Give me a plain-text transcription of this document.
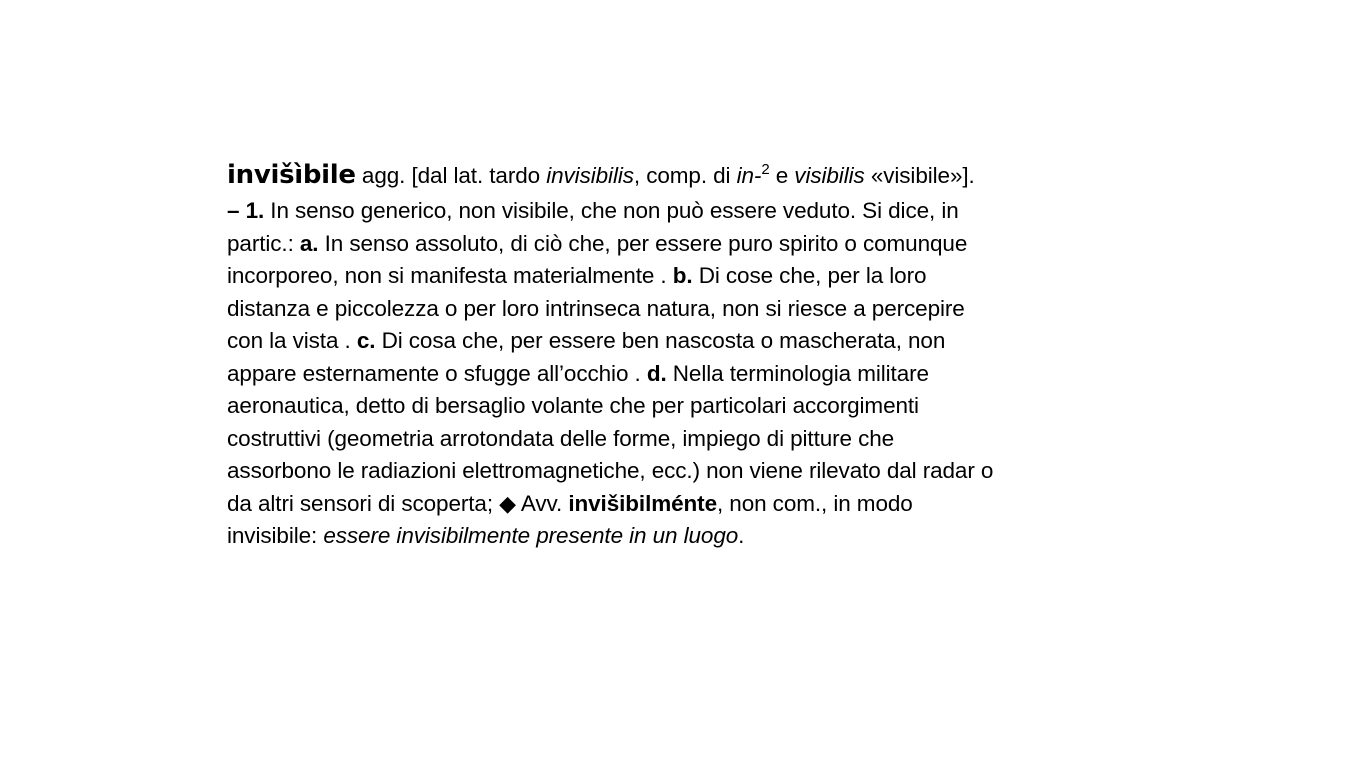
invišìbile agg. [dal lat. tardo invisibilis, comp. di in-$^2$ e visibilis «visibile»].
– 1. In senso generico, non visibile, che non può essere veduto. Si dice, in
partic.: a. In senso assoluto, di ciò che, per essere puro spirito o comunque
incorporeo, non si manifesta materialmente . b. Di cose che, per la loro
distanza e piccolezza o per loro intrinseca natura, non si riesce a percepire
con la vista . c. Di cosa che, per essere ben nascosta o mascherata, non
appare esternamente o sfugge all’occhio . d. Nella terminologia militare
aeronautica, detto di bersaglio volante che per particolari accorgimenti
costruttivi (geometria arrotondata delle forme, impiego di pitture che
assorbono le radiazioni elettromagnetiche, ecc.) non viene rilevato dal radar o
da altri sensori di scoperta; ◆ Avv. invišibilménte, non com., in modo
invisibile: essere invisibilmente presente in un luogo.
